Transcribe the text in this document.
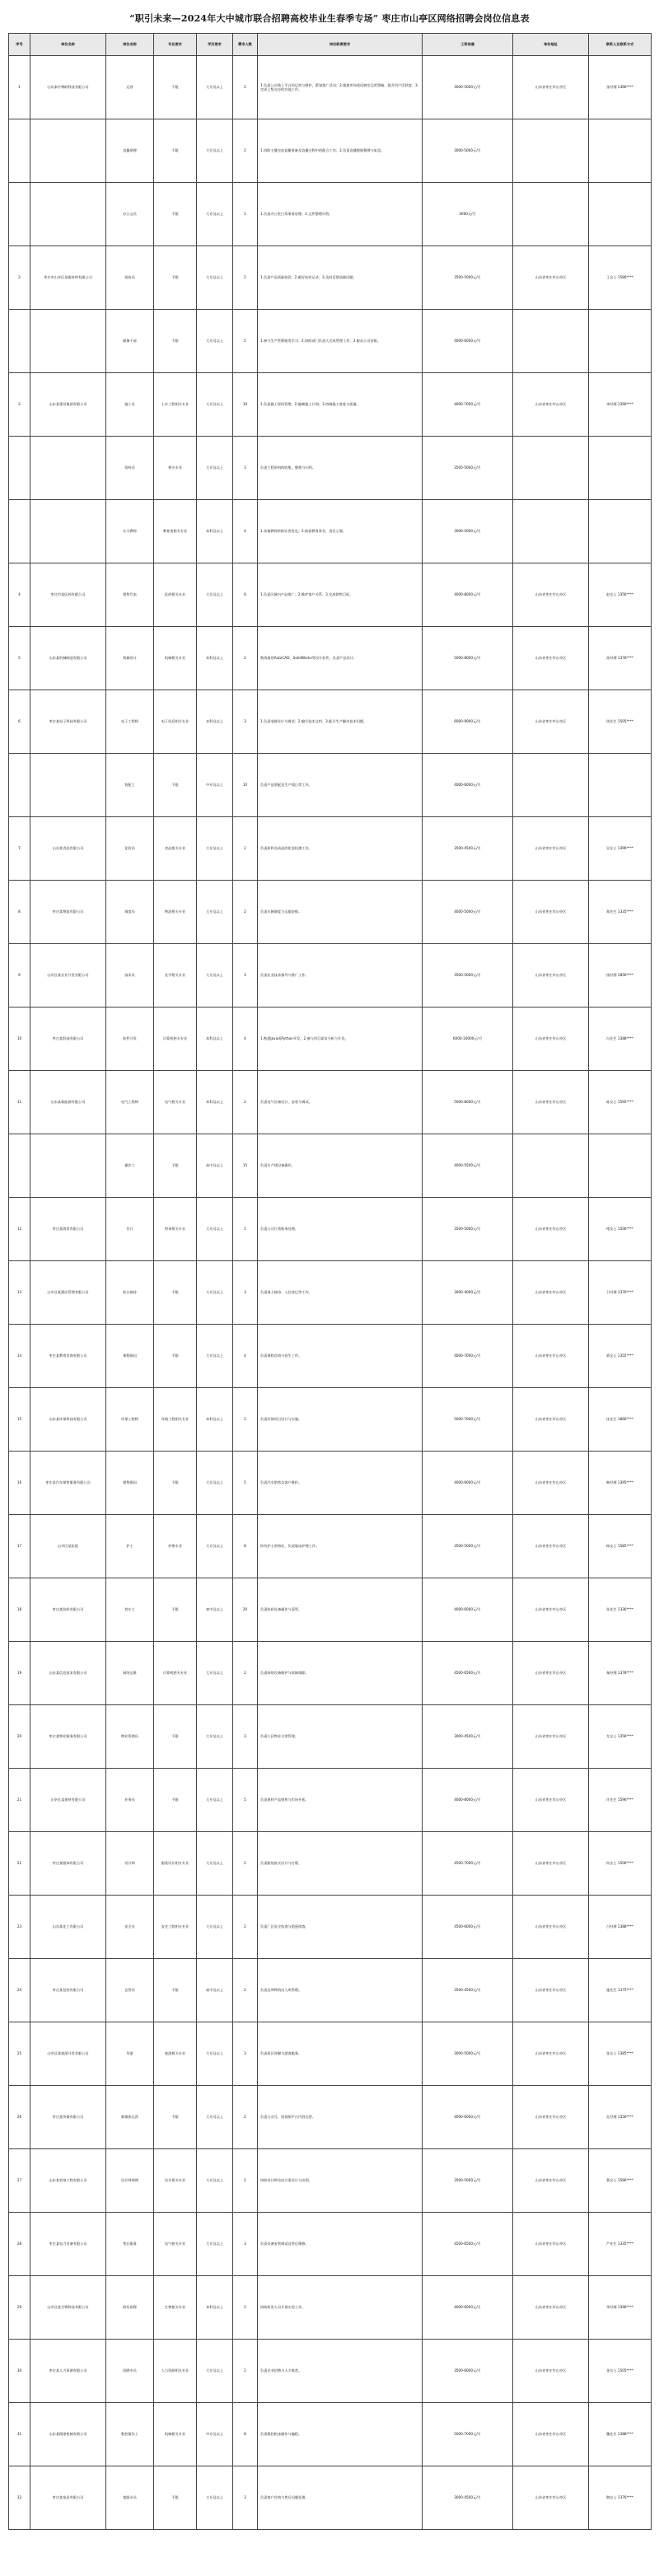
“职引未来—2024年大中城市联合招聘高校毕业生春季专场” 枣庄市山亭区网络招聘会岗位信息表
序号	单位名称	岗位名称	专业要求	学历要求	需求人数	岗位职责要求	工资待遇	单位地址	联系人及联系方式
1	山东泰竹物联科技有限公司	运营	不限	大专及以上	2	1.负责公司线上平台的运营与维护，策划推广活动；2.根据市场变化制定运营策略，提升用户活跃度；3.完成上级交办的其他工作。	3000-5000元/月	山东省枣庄市山亭区	张经理 1366****
		直播助理	不限	大专及以上	2	1.协助主播完成直播准备及直播过程中的配合工作；2.负责直播数据整理与复盘。	3000-5000元/月		
		办公文员	不限	大专及以上	1	1.负责办公室日常事务处理；2.文件整理归档。	3000元/月		
2	枣庄市山亭区某新材料有限公司	质检员	不限	大专及以上	2	1.负责产品质量检验；2.做好检验记录；3.及时反馈质量问题。	3500-5000元/月	山东省枣庄市山亭区	王女士 1586****
		储备干部	不限	大专及以上	5	1.参与生产管理轮岗学习；2.协助部门负责人完成管理工作；3.服从公司安排。	4000-6000元/月		
3	山东某建设集团有限公司	施工员	土木工程相关专业	大专及以上	10	1.负责施工现场管理；2.编制施工计划；3.协调施工进度与质量。	4000-7000元/月	山东省枣庄市山亭区	李经理 1390****
		资料员	相关专业	大专及以上	3	负责工程资料的收集、整理与归档。	3500-5000元/月		
		实习教师	教育类相关专业	本科及以上	4	1.具备教师资格证者优先；2.热爱教育事业，责任心强。	3000-5000元/月		
4	枣庄市某医药有限公司	销售代表	医药相关专业	大专及以上	6	1.负责区域内产品推广；2.维护客户关系；3.完成销售目标。	4000-8000元/月	山东省枣庄市山亭区	赵女士 1356****
5	山东某机械制造有限公司	机械设计	机械相关专业	本科及以上	2	熟练使用AutoCAD、SolidWorks等设计软件，负责产品设计。	5000-8000元/月	山东省枣庄市山亭区	孙经理 1378****
6	枣庄某电子科技有限公司	电子工程师	电子信息相关专业	本科及以上	3	1.负责电路设计与调试；2.编写技术文档；3.配合生产解决技术问题。	6000-9000元/月	山东省枣庄市山亭区	周先生 1505****
		装配工	不限	中专及以上	10	负责产品装配及生产线日常工作。	4000-6000元/月		
7	山东某食品有限公司	化验员	食品相关专业	大专及以上	2	负责原料及成品的化验检测工作。	3500-4500元/月	山东省枣庄市山亭区	吴女士 1396****
8	枣庄某物流有限公司	调度员	物流相关专业	大专及以上	2	负责车辆调度与运输安排。	4000-5000元/月	山东省枣庄市山亭区	郑先生 1335****
9	山亭区某农业开发有限公司	技术员	农学相关专业	大专及以上	3	负责农业技术指导与推广工作。	3500-5000元/月	山东省枣庄市山亭区	钱经理 1856****
10	枣庄某科技有限公司	软件开发	计算机相关专业	本科及以上	4	1.熟悉Java或Python开发；2.参与项目需求分析与开发。	6000-10000元/月	山东省枣庄市山亭区	冯先生 1388****
11	山东某新能源有限公司	电气工程师	电气相关专业	本科及以上	2	负责电气设备设计、安装与调试。	5000-8000元/月	山东省枣庄市山亭区	陈女士 1595****
		操作工	不限	高中及以上	15	负责生产线设备操作。	4000-5500元/月		
12	枣庄某商贸有限公司	会计	财务相关专业	大专及以上	1	负责公司日常账务处理。	3500-5000元/月	山东省枣庄市山亭区	褚女士 1506****
13	山亭区某酒店管理有限公司	前台接待	不限	大专及以上	3	负责客人接待、入住登记等工作。	3000-4000元/月	山东省枣庄市山亭区	卫经理 1376****
14	枣庄某教育咨询有限公司	课程顾问	不限	大专及以上	4	负责课程咨询与招生工作。	4000-7000元/月	山东省枣庄市山亭区	蒋女士 1355****
15	山东某环保科技有限公司	环保工程师	环境工程相关专业	本科及以上	2	负责环保项目设计与实施。	5000-7000元/月	山东省枣庄市山亭区	沈先生 1866****
16	枣庄某汽车销售服务有限公司	销售顾问	不限	大专及以上	5	负责汽车销售及客户维护。	4000-9000元/月	山东省枣庄市山亭区	韩经理 1395****
17	山亭区某医院	护士	护理专业	大专及以上	8	持有护士资格证，负责临床护理工作。	3500-5000元/月	山东省枣庄市山亭区	杨女士 1585****
18	枣庄某纺织有限公司	挡车工	不限	初中及以上	20	负责纺织设备操作与看管。	4000-6000元/月	山东省枣庄市山亭区	朱先生 1336****
19	山东某信息技术有限公司	网络运维	计算机相关专业	大专及以上	2	负责网络设备维护与故障排除。	4500-6500元/月	山东省枣庄市山亭区	秦经理 1378****
20	枣庄某物业服务有限公司	物业管理员	不限	大专及以上	3	负责小区物业日常管理。	3000-4500元/月	山东省枣庄市山亭区	尤女士 1356****
21	山亭区某建材有限公司	业务员	不限	大专及以上	5	负责建材产品销售与市场开拓。	4000-8000元/月	山东省枣庄市山亭区	许先生 1596****
22	枣庄某服饰有限公司	设计师	服装设计相关专业	大专及以上	2	负责服装款式设计与打版。	4500-7000元/月	山东省枣庄市山亭区	何女士 1506****
23	山东某化工有限公司	安全员	安全工程相关专业	大专及以上	2	负责厂区安全检查与隐患排查。	4500-6000元/月	山东省枣庄市山亭区	吕经理 1388****
24	枣庄某包装有限公司	仓管员	不限	高中及以上	2	负责仓库物资出入库管理。	3500-4500元/月	山东省枣庄市山亭区	施先生 1375****
25	山亭区某旅游开发有限公司	导游	旅游相关专业	大专及以上	3	负责景区讲解与游客服务。	3000-5000元/月	山东省枣庄市山亭区	张女士 1385****
26	枣庄某传媒有限公司	新媒体运营	不限	大专及以上	2	负责公众号、短视频平台内容运营。	4000-6000元/月	山东省枣庄市山亭区	孔经理 1356****
27	山东某装饰工程有限公司	设计师助理	设计相关专业	大专及以上	2	协助设计师完成方案设计与出图。	3500-5000元/月	山东省枣庄市山亭区	曹女士 1586****
28	枣庄某电力设备有限公司	售后服务	电气相关专业	大专及以上	3	负责设备安装调试及售后维修。	4500-6500元/月	山东省枣庄市山亭区	严先生 1335****
29	山亭区某生物科技有限公司	研发助理	生物相关专业	本科及以上	2	协助研发人员开展实验工作。	4000-6000元/月	山东省枣庄市山亭区	华经理 1396****
30	枣庄某人力资源有限公司	招聘专员	人力资源相关专业	大专及以上	2	负责企业招聘与人才推荐。	3500-6000元/月	山东省枣庄市山亭区	金女士 1505****
31	山东某精密机械有限公司	数控操作工	机械相关专业	中专及以上	8	负责数控机床操作与编程。	5000-7000元/月	山东省枣庄市山亭区	魏先生 1388****
32	枣庄某家居有限公司	客服专员	不限	大专及以上	3	负责客户咨询与售后问题处理。	3000-4500元/月	山东省枣庄市山亭区	陶女士 1376****
